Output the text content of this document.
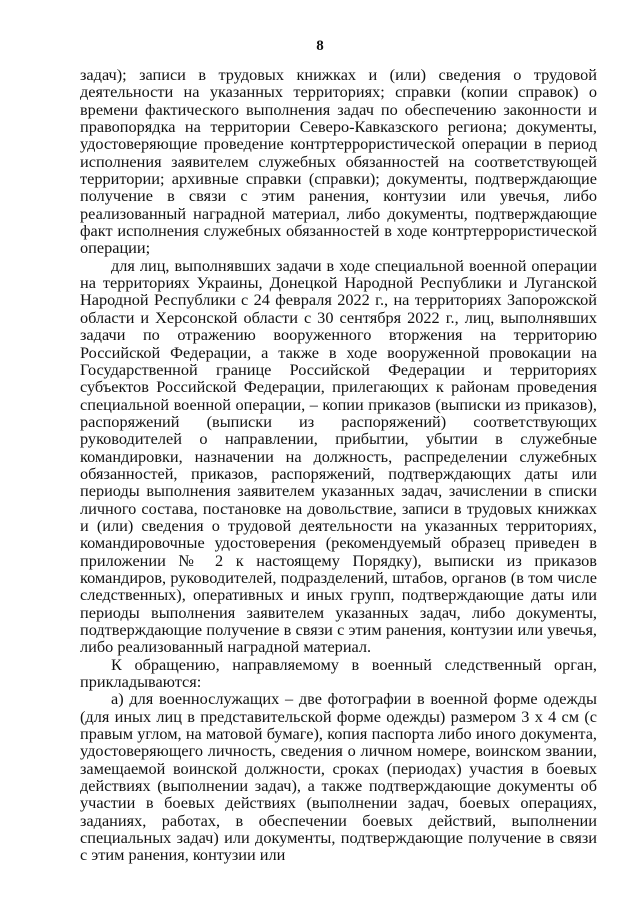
8

задач); записи в трудовых книжках и (или) сведения о трудовой деятельности на указанных территориях; справки (копии справок) о времени фактического выполнения задач по обеспечению законности и правопорядка на территории Северо-Кавказского региона; документы, удостоверяющие проведение контртеррористической операции в период исполнения заявителем служебных обязанностей на соответствующей территории; архивные справки (справки); документы, подтверждающие получение в связи с этим ранения, контузии или увечья, либо реализованный наградной материал, либо документы, подтверждающие факт исполнения служебных обязанностей в ходе контртеррористической операции;

для лиц, выполнявших задачи в ходе специальной военной операции на территориях Украины, Донецкой Народной Республики и Луганской Народной Республики с 24 февраля 2022 г., на территориях Запорожской области и Херсонской области с 30 сентября 2022 г., лиц, выполнявших задачи по отражению вооруженного вторжения на территорию Российской Федерации, а также в ходе вооруженной провокации на Государственной границе Российской Федерации и территориях субъектов Российской Федерации, прилегающих к районам проведения специальной военной операции, – копии приказов (выписки из приказов), распоряжений (выписки из распоряжений) соответствующих руководителей о направлении, прибытии, убытии в служебные командировки, назначении на должность, распределении служебных обязанностей, приказов, распоряжений, подтверждающих даты или периоды выполнения заявителем указанных задач, зачислении в списки личного состава, постановке на довольствие, записи в трудовых книжках и (или) сведения о трудовой деятельности на указанных территориях, командировочные удостоверения (рекомендуемый образец приведен в приложении № 2 к настоящему Порядку), выписки из приказов командиров, руководителей, подразделений, штабов, органов (в том числе следственных), оперативных и иных групп, подтверждающие даты или периоды выполнения заявителем указанных задач, либо документы, подтверждающие получение в связи с этим ранения, контузии или увечья, либо реализованный наградной материал.

К обращению, направляемому в военный следственный орган, прикладываются:

а) для военнослужащих – две фотографии в военной форме одежды (для иных лиц в представительской форме одежды) размером 3 х 4 см (с правым углом, на матовой бумаге), копия паспорта либо иного документа, удостоверяющего личность, сведения о личном номере, воинском звании, замещаемой воинской должности, сроках (периодах) участия в боевых действиях (выполнении задач), а также подтверждающие документы об участии в боевых действиях (выполнении задач, боевых операциях, заданиях, работах, в обеспечении боевых действий, выполнении специальных задач) или документы, подтверждающие получение в связи с этим ранения, контузии или
